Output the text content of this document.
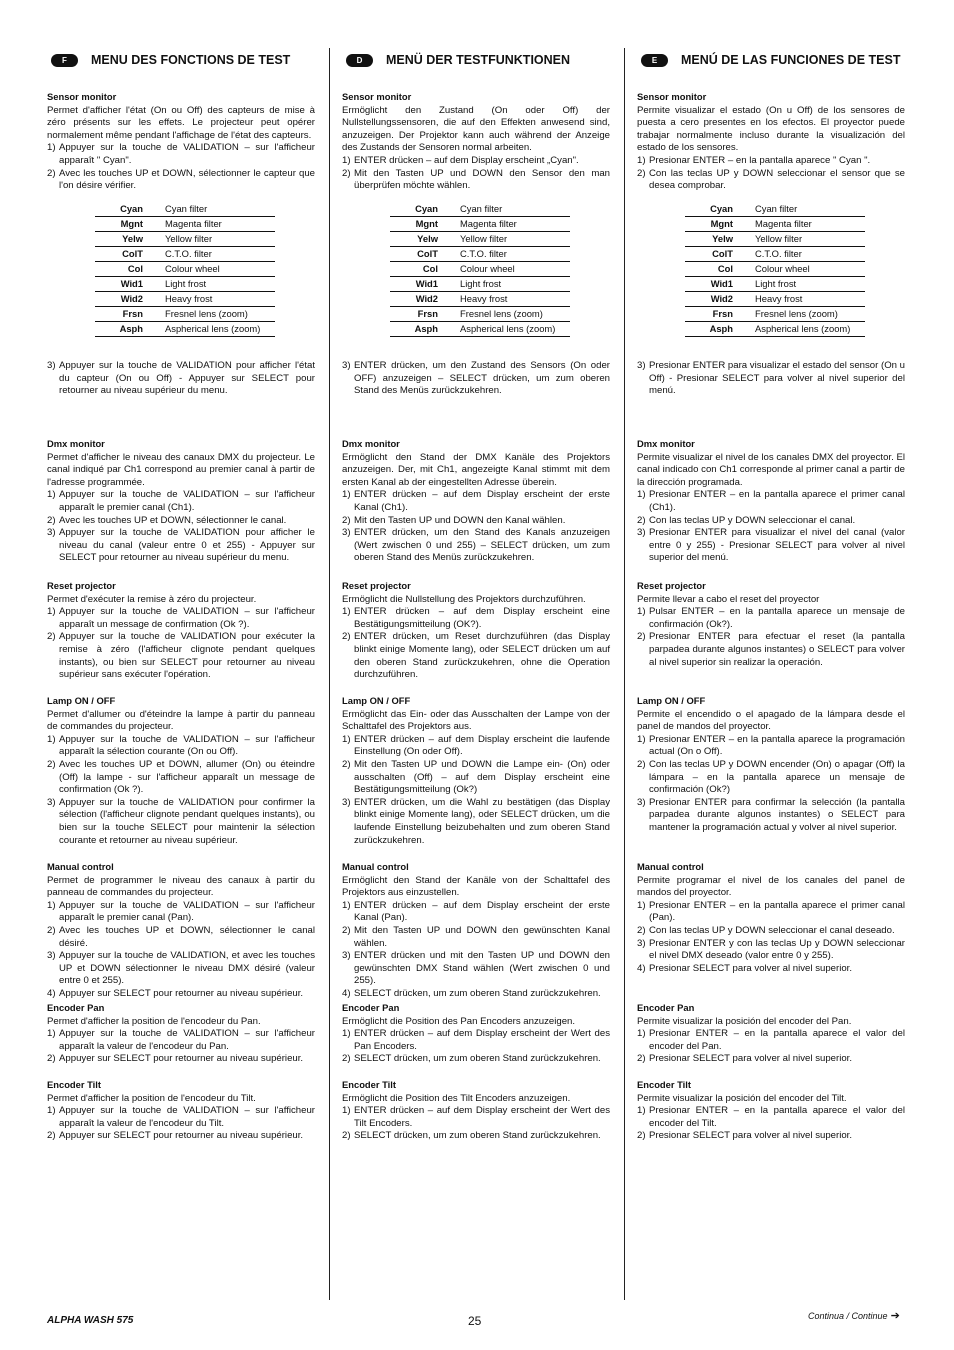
F	MENU DES FONCTIONS DE TEST
Sensor monitor
Permet d'afficher l'état (On ou Off) des capteurs de mise à zéro présents sur les effets. Le projecteur peut opérer normalement même pendant l'affichage de l'état des capteurs.
1) Appuyer sur la touche de VALIDATION – sur l'afficheur apparaît " Cyan".
2) Avec les touches UP et DOWN, sélectionner le capteur que l'on désire vérifier.
Dmx monitor
Permet d'afficher le niveau des canaux DMX du projecteur. Le canal indiqué par Ch1 correspond au premier canal à partir de l'adresse programmée.
1) Appuyer sur la touche de VALIDATION – sur l'afficheur apparaît le premier canal (Ch1).
2) Avec les touches UP et DOWN, sélectionner le canal.
3) Appuyer sur la touche de VALIDATION pour afficher le niveau du canal (valeur entre 0 et 255) - Appuyer sur SELECT pour retourner au niveau supérieur du menu.
Reset projector
Permet d'exécuter la remise à zéro du projecteur.
1) Appuyer sur la touche de VALIDATION – sur l'afficheur apparaît un message de confirmation (Ok ?).
2) Appuyer sur la touche de VALIDATION pour exécuter la remise à zéro (l'afficheur clignote pendant quelques instants), ou bien sur SELECT pour retourner au niveau supérieur sans exécuter l'opération.
Lamp ON / OFF
Permet d'allumer ou d'éteindre la lampe à partir du panneau de commandes du projecteur.
1) Appuyer sur la touche de VALIDATION – sur l'afficheur apparaît la sélection courante (On ou Off).
2) Avec les touches UP et DOWN, allumer (On) ou éteindre (Off) la lampe - sur l'afficheur apparaît un message de confirmation (Ok ?).
3) Appuyer sur la touche de VALIDATION pour confirmer la sélection (l'afficheur clignote pendant quelques instants), ou bien sur la touche SELECT pour maintenir la sélection courante et retourner au niveau supérieur.
Manual control
Permet de programmer le niveau des canaux à partir du panneau de commandes du projecteur.
1) Appuyer sur la touche de VALIDATION – sur l'afficheur apparaît le premier canal (Pan).
2) Avec les touches UP et DOWN, sélectionner le canal désiré.
3) Appuyer sur la touche de VALIDATION, et avec les touches UP et DOWN sélectionner le niveau DMX désiré (valeur entre 0 et 255).
4) Appuyer sur SELECT pour retourner au niveau supérieur.
Encoder Pan
Permet d'afficher la position de l'encodeur du Pan.
1) Appuyer sur la touche de VALIDATION – sur l'afficheur apparaît la valeur de l'encodeur du Pan.
2) Appuyer sur SELECT pour retourner au niveau supérieur.
Encoder Tilt
Permet d'afficher la position de l'encodeur du Tilt.
1) Appuyer sur la touche de VALIDATION – sur l'afficheur apparaît la valeur de l'encodeur du Tilt.
2) Appuyer sur SELECT pour retourner au niveau supérieur.
3) Appuyer sur la touche de VALIDATION pour afficher l'état du capteur (On ou Off) - Appuyer sur SELECT pour retourner au niveau supérieur du menu.
Cyan	Cyan filter
Mgnt	Magenta filter
Yelw	Yellow filter
ColT	C.T.O. filter
Col	Colour wheel
Wid1	Light frost
Wid2	Heavy frost
Frsn	Fresnel lens (zoom)
Asph	Aspherical lens (zoom)
D	MENÜ DER TESTFUNKTIONEN
Sensor monitor
Ermöglicht den Zustand (On oder Off) der Nullstellungssensoren, die auf den Effekten anwesend sind, anzuzeigen. Der Projektor kann auch während der Anzeige des Zustands der Sensoren normal arbeiten.
1) ENTER drücken – auf dem Display erscheint „Cyan".
2) Mit den Tasten UP und DOWN den Sensor den man überprüfen möchte wählen.
Dmx monitor
Ermöglicht den Stand der DMX Kanäle des Projektors anzuzeigen. Der, mit Ch1, angezeigte Kanal stimmt mit dem ersten Kanal ab der eingestellten Adresse überein.
1) ENTER drücken – auf dem Display erscheint der erste Kanal (Ch1).
2) Mit den Tasten UP und DOWN den Kanal wählen.
3) ENTER drücken, um den Stand des Kanals anzuzeigen (Wert zwischen 0 und 255) – SELECT drücken, um zum oberen Stand des Menüs zurückzukehren.
Reset projector
Ermöglicht die Nullstellung des Projektors durchzuführen.
1) ENTER drücken – auf dem Display erscheint eine Bestätigungsmitteilung (OK?).
2) ENTER drücken, um Reset durchzuführen (das Display blinkt einige Momente lang), oder SELECT drücken um auf den oberen Stand zurückzukehren, ohne die Operation durchzuführen.
Lamp ON / OFF
Ermöglicht das Ein- oder das Ausschalten der Lampe von der Schalttafel des Projektors aus.
1) ENTER drücken – auf dem Display erscheint die laufende Einstellung (On oder Off).
2) Mit den Tasten UP und DOWN die Lampe ein- (On) oder ausschalten (Off) – auf dem Display erscheint eine Bestätigungsmitteilung (Ok?)
3) ENTER drücken, um die Wahl zu bestätigen (das Display blinkt einige Momente lang), oder SELECT drücken, um die laufende Einstellung beizubehalten und zum oberen Stand zurückzukehren.
Manual control
Ermöglicht den Stand der Kanäle von der Schalttafel des Projektors aus einzustellen.
1) ENTER drücken – auf dem Display erscheint der erste Kanal (Pan).
2) Mit den Tasten UP und DOWN den gewünschten Kanal wählen.
3) ENTER drücken und mit den Tasten UP und DOWN den gewünschten DMX Stand wählen (Wert zwischen 0 und 255).
4) SELECT drücken, um zum oberen Stand zurückzukehren.
Encoder Pan
Ermöglicht die Position des Pan Encoders anzuzeigen.
1) ENTER drücken – auf dem Display erscheint der Wert des Pan Encoders.
2) SELECT drücken, um zum oberen Stand zurückzukehren.
Encoder Tilt
Ermöglicht die Position des Tilt Encoders anzuzeigen.
1) ENTER drücken – auf dem Display erscheint der Wert des Tilt Encoders.
2) SELECT drücken, um zum oberen Stand zurückzukehren.
3) ENTER drücken, um den Zustand des Sensors (On oder OFF) anzuzeigen – SELECT drücken, um zum oberen Stand des Menüs zurückzukehren.
Cyan	Cyan filter
Mgnt	Magenta filter
Yelw	Yellow filter
ColT	C.T.O. filter
Col	Colour wheel
Wid1	Light frost
Wid2	Heavy frost
Frsn	Fresnel lens (zoom)
Asph	Aspherical lens (zoom)
E	MENÚ DE LAS FUNCIONES DE TEST
Sensor monitor
Permite visualizar el estado (On u Off) de los sensores de puesta a cero presentes en los efectos. El proyector puede trabajar normalmente incluso durante la visualización del estado de los sensores.
1) Presionar ENTER – en la pantalla aparece " Cyan ".
2) Con las teclas UP y DOWN seleccionar el sensor que se desea comprobar.
Dmx monitor
Permite visualizar el nivel de los canales DMX del proyector. El canal indicado con Ch1 corresponde al primer canal a partir de la dirección programada.
1) Presionar ENTER – en la pantalla aparece el primer canal (Ch1).
2) Con las teclas UP y DOWN seleccionar el canal.
3) Presionar ENTER para visualizar el nivel del canal (valor entre 0 y 255) - Presionar SELECT para volver al nivel superior del menú.
Reset projector
Permite llevar a cabo el reset del proyector
1) Pulsar ENTER – en la pantalla aparece un mensaje de confirmación (Ok?).
2) Presionar ENTER para efectuar el reset (la pantalla parpadea durante algunos instantes) o SELECT para volver al nivel superior sin realizar la operación.
Lamp ON / OFF
Permite el encendido o el apagado de la lámpara desde el panel de mandos del proyector.
1) Presionar ENTER – en la pantalla aparece la programación actual (On o Off).
2) Con las teclas UP y DOWN encender (On) o apagar (Off) la lámpara – en la pantalla aparece un mensaje de confirmación (Ok?)
3) Presionar ENTER para confirmar la selección (la pantalla parpadea durante algunos instantes) o SELECT para mantener la programación actual y volver al nivel superior.
Manual control
Permite programar el nivel de los canales del panel de mandos del proyector.
1) Presionar ENTER – en la pantalla aparece el primer canal (Pan).
2) Con las teclas UP y DOWN seleccionar el canal deseado.
3) Presionar ENTER y con las teclas Up y DOWN seleccionar el nivel DMX deseado (valor entre 0 y 255).
4) Presionar SELECT para volver al nivel superior.
Encoder Pan
Permite visualizar la posición del encoder del Pan.
1) Presionar ENTER – en la pantalla aparece el valor del encoder del Pan.
2) Presionar SELECT para volver al nivel superior.
Encoder Tilt
Permite visualizar la posición del encoder del Tilt.
1) Presionar ENTER – en la pantalla aparece el valor del encoder del Tilt.
2) Presionar SELECT para volver al nivel superior.
3) Presionar ENTER para visualizar el estado del sensor (On u Off) - Presionar SELECT para volver al nivel superior del menú.
Cyan	Cyan filter
Mgnt	Magenta filter
Yelw	Yellow filter
ColT	C.T.O. filter
Col	Colour wheel
Wid1	Light frost
Wid2	Heavy frost
Frsn	Fresnel lens (zoom)
Asph	Aspherical lens (zoom)
ALPHA WASH 575	25	Continua / Continue ➔
